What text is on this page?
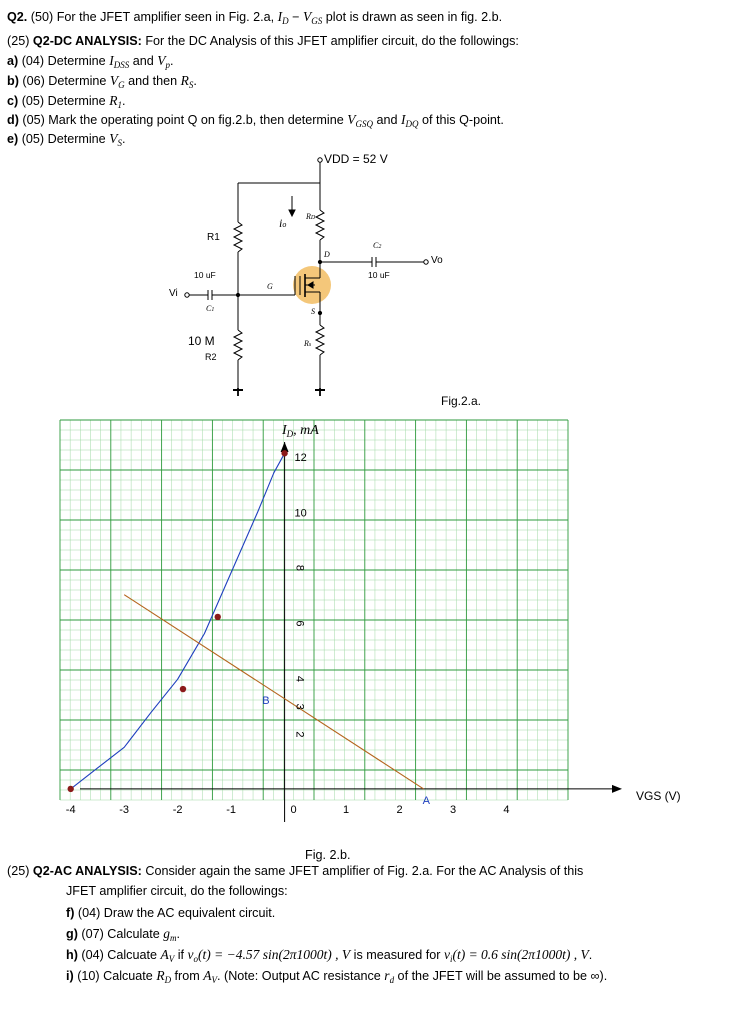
Q2. (50) For the JFET amplifier seen in Fig. 2.a, $I_D - V_{GS}$ plot is drawn as seen in fig. 2.b.
(25) Q2-DC ANALYSIS: For the DC Analysis of this JFET amplifier circuit, do the followings:
a) (04) Determine $I_{DSS}$ and $V_p$.
b) (06) Determine $V_G$ and then $R_S$.
c) (05) Determine $R_1$.
d) (05) Mark the operating point Q on fig.2.b, then determine $V_{GSQ}$ and $I_{DQ}$ of this Q-point.
e) (05) Determine $V_S$.
VDD = 52 V
R1
10 uF
Vi
C1
10 M
R2
io
RD
D
G
S
Rs
C2
10 uF
Vo
Fig.2.a.
B
A
-4	-3	-2	-1	0	1	2	3	4
2
3
4
6
8
10
12
$I_D$, mA
VGS (V)
Fig. 2.b.
(25) Q2-AC ANALYSIS: Consider again the same JFET amplifier of Fig. 2.a. For the AC Analysis of this
JFET amplifier circuit, do the followings:
f) (04) Draw the AC equivalent circuit.
g) (07) Calculate $g_m$.
h) (04) Calcuate $A_V$ if $v_o(t) = -4.57$ sin(2π1000t) , V is measured for $v_i(t) = 0.6$ sin(2π1000t) , V.
i) (10) Calcuate $R_D$ from $A_V$. (Note: Output AC resistance $r_d$ of the JFET will be assumed to be ∞).
